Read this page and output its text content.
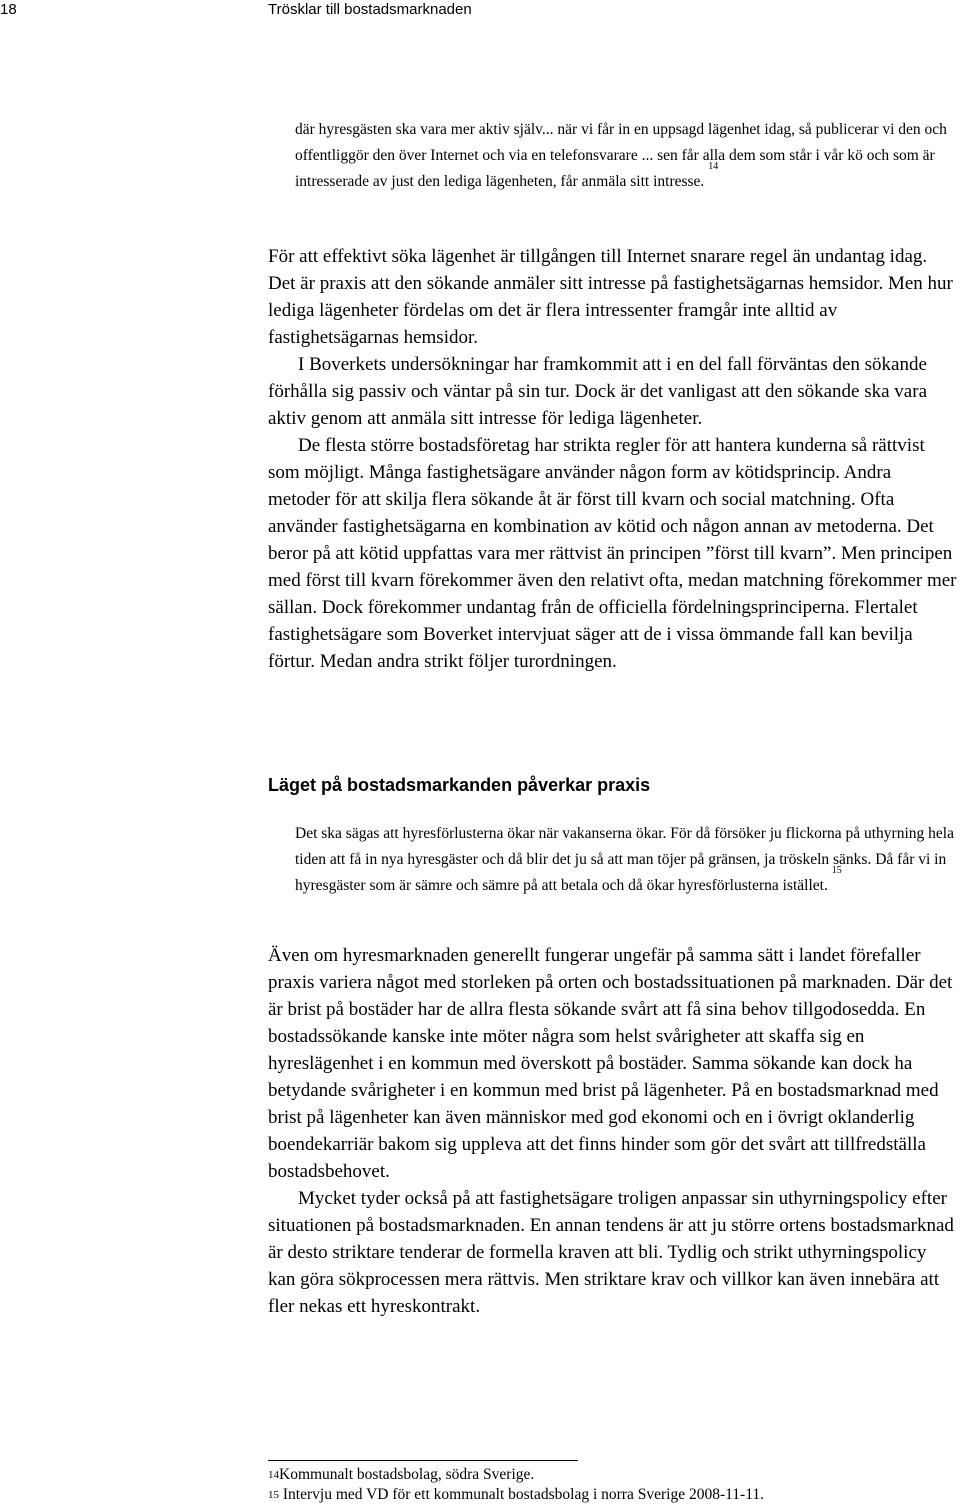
18	Trösklar till bostadsmarknaden
där hyresgästen ska vara mer aktiv själv... när vi får in en uppsagd lägenhet idag, så publicerar vi den och offentliggör den över Internet och via en telefonsvarare ... sen får alla dem som står i vår kö och som är intresserade av just den lediga lägenheten, får anmäla sitt intresse. $^{14}$

För att effektivt söka lägenhet är tillgången till Internet snarare regel än undantag idag. Det är praxis att den sökande anmäler sitt intresse på fastighetsägarnas hemsidor. Men hur lediga lägenheter fördelas om det är flera intressenter framgår inte alltid av fastighetsägarnas hemsidor.

I Boverkets undersökningar har framkommit att i en del fall förväntas den sökande förhålla sig passiv och väntar på sin tur. Dock är det vanligast att den sökande ska vara aktiv genom att anmäla sitt intresse för lediga lägenheter.

De flesta större bostadsföretag har strikta regler för att hantera kunderna så rättvist som möjligt. Många fastighetsägare använder någon form av kötidsprincip. Andra metoder för att skilja flera sökande åt är först till kvarn och social matchning. Ofta använder fastighetsägarna en kombination av kötid och någon annan av metoderna. Det beror på att kötid uppfattas vara mer rättvist än principen ”först till kvarn”. Men principen med först till kvarn förekommer även den relativt ofta, medan matchning förekommer mer sällan. Dock förekommer undantag från de officiella fördelningsprinciperna. Flertalet fastighetsägare som Boverket intervjuat säger att de i vissa ömmande fall kan bevilja förtur. Medan andra strikt följer turordningen.

Läget på bostadsmarkanden påverkar praxis
Det ska sägas att hyresförlusterna ökar när vakanserna ökar. För då försöker ju flickorna på uthyrning hela tiden att få in nya hyresgäster och då blir det ju så att man töjer på gränsen, ja tröskeln sänks. Då får vi in hyresgäster som är sämre och sämre på att betala och då ökar hyresförlusterna istället. $^{15}$

Även om hyresmarknaden generellt fungerar ungefär på samma sätt i landet förefaller praxis variera något med storleken på orten och bostadssituationen på marknaden. Där det är brist på bostäder har de allra flesta sökande svårt att få sina behov tillgodosedda. En bostadssökande kanske inte möter några som helst svårigheter att skaffa sig en hyreslägenhet i en kommun med överskott på bostäder. Samma sökande kan dock ha betydande svårigheter i en kommun med brist på lägenheter. På en bostadsmarknad med brist på lägenheter kan även människor med god ekonomi och en i övrigt oklanderlig boendekarriär bakom sig uppleva att det finns hinder som gör det svårt att tillfredställa bostadsbehovet.

Mycket tyder också på att fastighetsägare troligen anpassar sin uthyrningspolicy efter situationen på bostadsmarknaden. En annan tendens är att ju större ortens bostadsmarknad är desto striktare tenderar de formella kraven att bli. Tydlig och strikt uthyrningspolicy kan göra sökprocessen mera rättvis. Men striktare krav och villkor kan även innebära att fler nekas ett hyreskontrakt.

$^{14}$Kommunalt bostadsbolag, södra Sverige.
$^{15}$ Intervju med VD för ett kommunalt bostadsbolag i norra Sverige 2008-11-11.
